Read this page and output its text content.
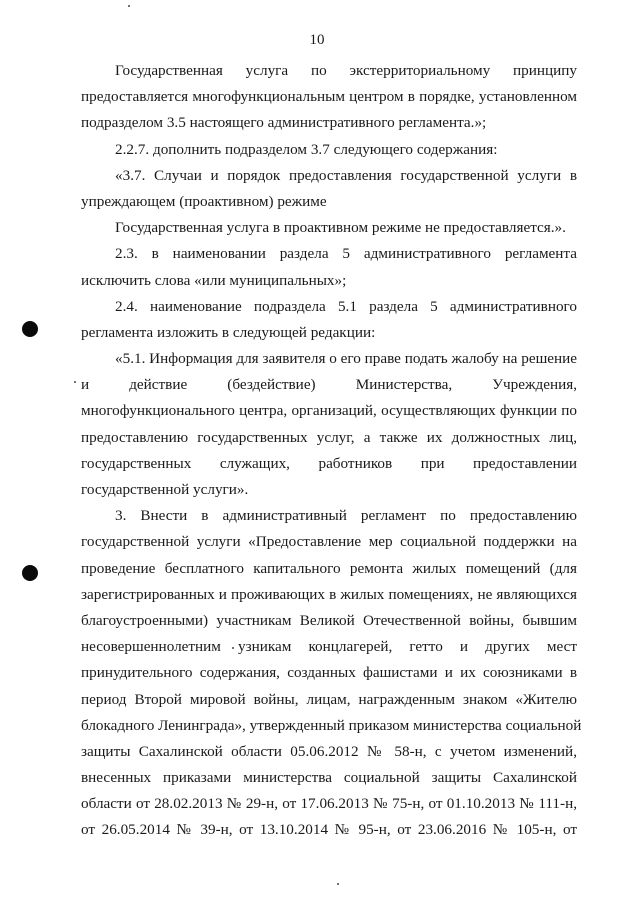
10
Государственная услуга по экстерриториальному принципу
предоставляется многофункциональным центром в порядке, установленном
подразделом 3.5 настоящего административного регламента.»;
2.2.7. дополнить подразделом 3.7 следующего содержания:
«3.7. Случаи и порядок предоставления государственной услуги в
упреждающем (проактивном) режиме
Государственная услуга в проактивном режиме не предоставляется.».
2.3. в наименовании раздела 5 административного регламента
исключить слова «или муниципальных»;
2.4. наименование подраздела 5.1 раздела 5 административного
регламента изложить в следующей редакции:
«5.1. Информация для заявителя о его праве подать жалобу на решение
и действие (бездействие) Министерства, Учреждения,
многофункционального центра, организаций, осуществляющих функции по
предоставлению государственных услуг, а также их должностных лиц,
государственных служащих, работников при предоставлении
государственной услуги».
3. Внести в административный регламент по предоставлению
государственной услуги «Предоставление мер социальной поддержки на
проведение бесплатного капитального ремонта жилых помещений (для
зарегистрированных и проживающих в жилых помещениях, не являющихся
благоустроенными) участникам Великой Отечественной войны, бывшим
несовершеннолетним узникам концлагерей, гетто и других мест
принудительного содержания, созданных фашистами и их союзниками в
период Второй мировой войны, лицам, награжденным знаком «Жителю
блокадного Ленинграда», утвержденный приказом министерства социальной
защиты Сахалинской области 05.06.2012 № 58-н, с учетом изменений,
внесенных приказами министерства социальной защиты Сахалинской
области от 28.02.2013 № 29-н, от 17.06.2013 № 75-н, от 01.10.2013 № 111-н,
от 26.05.2014 № 39-н, от 13.10.2014 № 95-н, от 23.06.2016 № 105-н, от
